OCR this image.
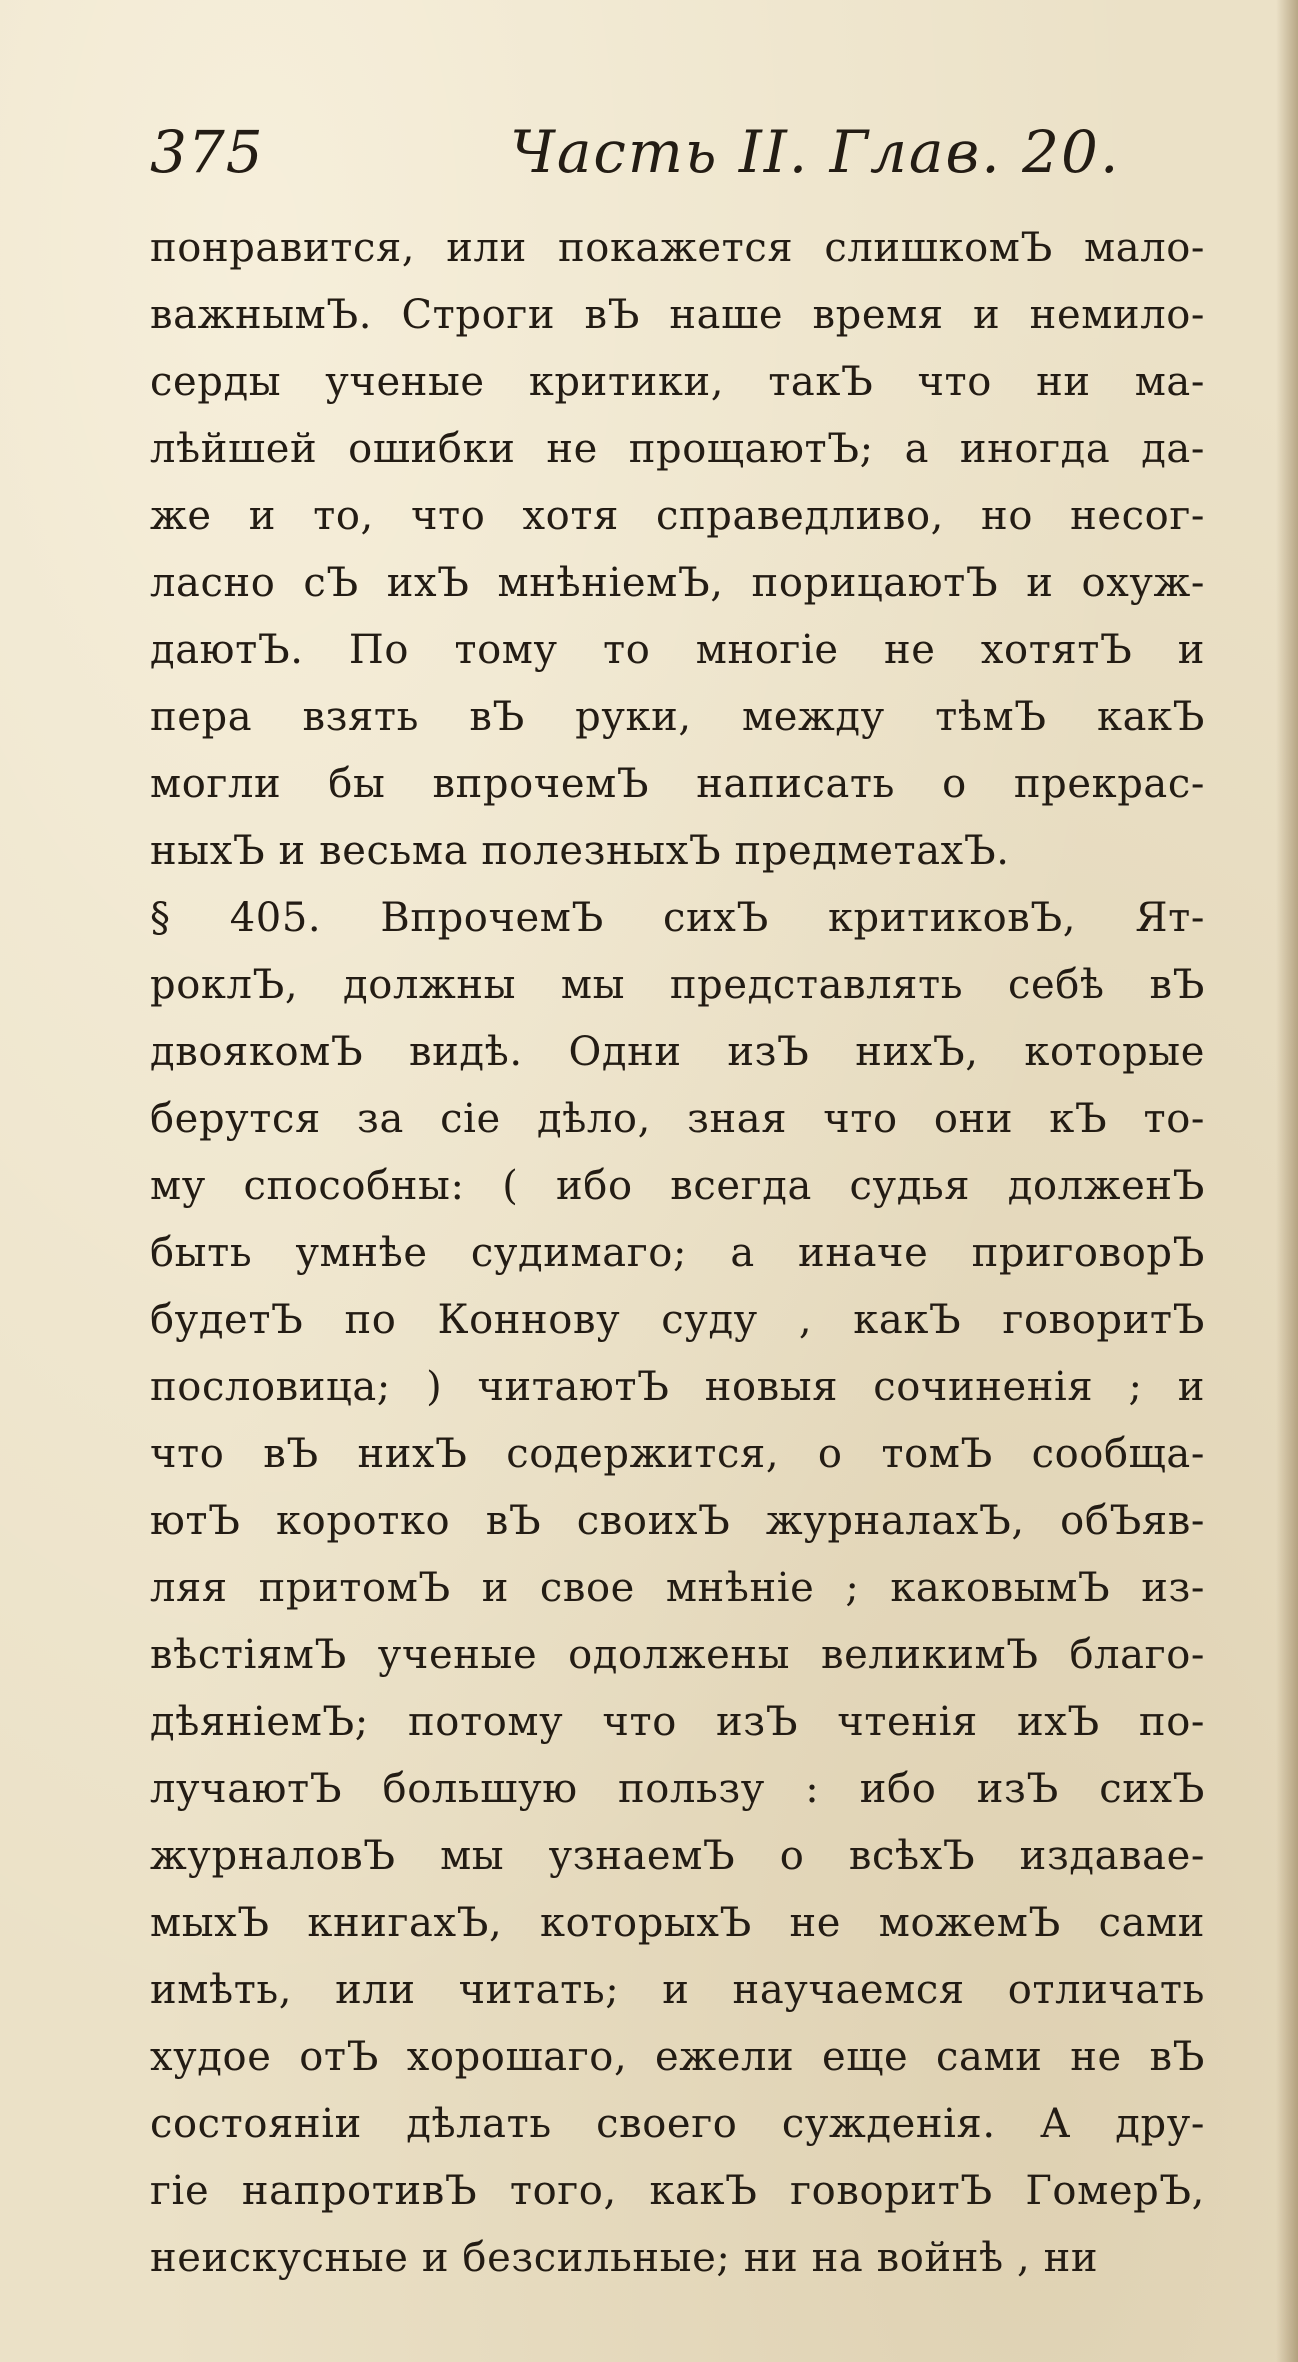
375	Часть II. Глав. 20.
понравится, или покажется слишкомЪ мало-
важнымЪ. Строги вЪ наше время и немило-
серды ученые критики, такЪ что ни ма-
лѣйшей ошибки не прощаютЪ; а иногда да-
же и то, что хотя справедливо, но несог-
ласно сЪ ихЪ мнѣнiемЪ, порицаютЪ и охуж-
даютЪ. По тому то многiе не хотятЪ и
пера взять вЪ руки, между тѣмЪ какЪ
могли бы впрочемЪ написать о прекрас-
ныхЪ и весьма полезныхЪ предметахЪ.
§ 405. ВпрочемЪ сихЪ критиковЪ, Ят-
роклЪ, должны мы представлять себѣ вЪ
двоякомЪ видѣ. Одни изЪ нихЪ, которые
берутся за сiе дѣло, зная что они кЪ то-
му способны: ( ибо всегда судья долженЪ
быть умнѣе судимаго; а иначе приговорЪ
будетЪ по Коннову суду , какЪ говоритЪ
пословица; ) читаютЪ новыя сочиненiя ; и
что вЪ нихЪ содержится, о томЪ сообща-
ютЪ коротко вЪ своихЪ журналахЪ, обЪяв-
ляя притомЪ и свое мнѣнiе ; каковымЪ из-
вѣстiямЪ ученые одолжены великимЪ благо-
дѣянiемЪ; потому что изЪ чтенiя ихЪ по-
лучаютЪ большую пользу : ибо изЪ сихЪ
журналовЪ мы узнаемЪ о всѣхЪ издавае-
мыхЪ книгахЪ, которыхЪ не можемЪ сами
имѣть, или читать; и научаемся отличать
худое отЪ хорошаго, ежели еще сами не вЪ
состоянiи дѣлать своего сужденiя. А дру-
гiе напротивЪ того, какЪ говоритЪ ГомерЪ,
неискусные и безсильные; ни на войнѣ , ни
